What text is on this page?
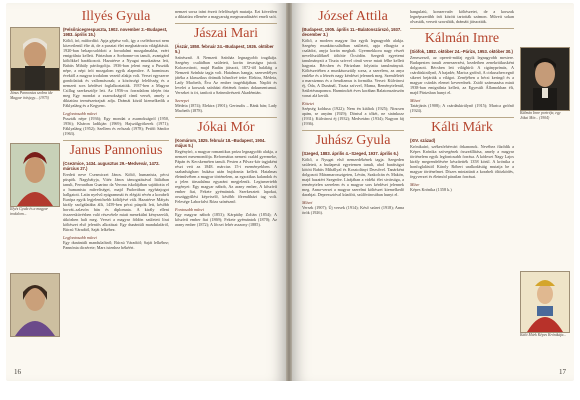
Jánus Pannonius szobra ide Magyar írásjegy... (1975)
Illyés Gyula és a magyar irodalom...
Illyés Gyula
(Felsőrácegrespuszta, 1902. november 2.–Budapest, 1983. április 15.)

Költő, író, műfordító. Apja gépész volt, így a cselédsorsot nem közvetlenül élte át, de a pusztai élet meghatározta világlátását. 1920-ban bekapcsolódott a forradalmi mozgalmakba, ezért emigrálnia kellett. Párizsban a Sorbonne-on tanult, avantgárd költőkkel barátkozott. Hazatérve a Nyugat munkatársa lett, Babits Mihály pártfogoltja. 1936-ban jelent meg a Puszták népe, a népi írói mozgalom egyik alapműve. A harmincas évektől a magyar irodalom vezető alakja volt. Versei egyszerre gondolatiak és vallomásosak; a közösségi felelősség és a nemzeti sors kérdései foglalkoztatták. 1937-ben a Magyar Csillag szerkesztője lett. Az 1956-os forradalom idején írta meg Egy mondat a zsarnokságról című versét, amely a diktatúra természetrajzát adja. Drámái közül kiemelkedik a Fáklyaláng és a Kegyenc.

Legfontosabb művei

Puszták népe (1936); Egy mondat a zsarnokságról (1950, 1956); Kháron ladikján (1969); Hajszálgyökerek (1971); Fáklyaláng (1952); Szellem és erőszak (1978); Petőfi Sándor (1963).

Janus Pannonius
(Csezmice, 1434. augusztus 29.–Medvevár, 1472. március 27.)

Eredeti neve Csezmiczei János. Költő, humanista, pécsi püspök. Nagybátyja, Vitéz János támogatásával Itáliában tanult, Ferrarában Guarino da Verona iskolájában sajátította el a humanista műveltséget, majd Padovában egyházjogot hallgatott. Latin nyelvű epigrammái és elégiái révén a korabeli Európa egyik legjelentősebb költőjévé vált. Hazatérve Mátyás király szolgálatába állt, 1459-ben pécsi püspök lett, később horvát–szlavón bán és diplomata. A király elleni összeesküvésben való részvétele miatt menekülni kényszerült, útközben halt meg. Versei a magyar földön született lírai költészet első jelentős alkotásai: Egy dunántúli mandulafáról, Búcsú Váradtól, Saját lelkéhez.

Legfontosabb művei

Egy dunántúli mandulafáról; Búcsú Váradtól; Saját lelkéhez; Pannónia dicsérete; Mars istenhez békéért.

nemzet sorsa iránt érzett felelősségét mutatja. Ezt követően a diktatúra ellenére a magyarság megmaradásáért emelt szót.

Jászai Mari
(Ászár, 1850. február 24.–Budapest, 1926. október 5.)

Színésznő. A Nemzeti Színház legnagyobb tragikája. Szegény családban született, korán árvaságra jutott. Kolozsvárott, majd Budán játszott, 1872-től haláláig a Nemzeti Színház tagja volt. Hatalmas hangja, szenvedélyes játéka a klasszikus drámák hősnőivé tette: Elektra, Médeia, Lady Macbeth, Éva Az ember tragédiájában. Naplói és levelei a korszak színházi életének fontos dokumentumai. Verseket is írt, tanított a Színművészeti Akadémián.

Szerepei

Médeia (1874); Elektra (1901); Gertrudis – Bánk bán; Lady Macbeth (1878).

Jókai Mór
(Komárom, 1825. február 18.–Budapest, 1904. május 5.)

Regényíró, a magyar romantikus próza legnagyobb alakja, a nemzet mesemondója. Református nemesi család gyermeke, Pápán és Kecskeméten tanult. Pesten a Pilvax-kör tagjaként részt vett az 1848. március 15-i eseményekben. A szabadságharc bukása után bujdosnia kellett. Hatalmas életművében a magyar történelem, az egzotikus kalandok és a jelen társadalma egyaránt megjelenik. Legismertebb regényei: Egy magyar nábob, Az arany ember, A kőszívű ember fiai, Fekete gyémántok. Szerkesztett lapokat, országgyűlési képviselő, később főrendiházi tag volt. Felesége Laborfalvi Róza színésznő.

Fontosabb művei

Egy magyar nábob (1853); Kárpáthy Zoltán (1854); A kőszívű ember fiai (1869); Fekete gyémántok (1870); Az arany ember (1872); A lőcsei fehér asszony (1885).

16
József Attila
(Budapest, 1905. április 11.–Balatonszárszó, 1937. december 3.)

Költő, a modern magyar líra egyik legnagyobb alakja. Szegény munkáscsaládban született, apja elhagyta a családot, anyja korán meghalt. Gyermekkora nagy részét nevelőszülőknél töltötte Öcsödön. Szegedi egyetemi tanulmányait a Tiszta szívvel című verse miatt félbe kellett hagynia. Bécsben és Párizsban folytatta tanulmányait. Költészetében a munkásosztály sorsa, a szerelem, az anya emléke és a létezés nagy kérdései jelennek meg. Szemléletét a marxizmus és a freudizmus is formálta. Versei: Külvárosi éj, Óda, A Dunánál, Tiszta szívvel, Mama, Reménytelenül, Születésnapomra. Harminckét éves korában Balatonszárszón vonat alá került.

Kötetei

Szépség koldusa (1922); Nem én kiáltok (1925); Nincsen apám, se anyám (1929); Döntsd a tőkét, ne siránkozz (1931); Külvárosi éj (1932); Medvetánc (1934); Nagyon fáj (1936).

Juhász Gyula
(Szeged, 1883. április 4.–Szeged, 1937. április 6.)

Költő, a Nyugat első nemzedékének tagja. Szegeden született, a budapesti egyetemen tanult, ahol barátságot kötött Babits Mihállyal és Kosztolányi Dezsővel. Tanárként dolgozott Máramarosszigeten, Léván, Szakolcán és Makón, majd hazatért Szegedre. Lírájában a vidéki élet sivársága, a reménytelen szerelem és a magyar sors kérdései jelennek meg. Anna-versei a magyar szerelmi költészet kiemelkedő darabjai. Depresszióval küzdött, szülővárosában hunyt el.

Művei

Versek (1907); Új versek (1914); Késő szüret (1918); Anna örök (1926).

hangulatú, konzervatív költészetet, de a korszak legnépszerűbb írói között tartották számon. Műveit sokan olvasták, verseit szavalták, drámáit játszották.

Kálmán Imre
(Siófok, 1882. október 24.–Párizs, 1953. október 30.)

Zeneszerző, az operett-műfaj egyik legnagyobb mestere. Budapesten tanult zeneszerzést, kezdetben zenekritikusként dolgozott. Bécsben lett világhírű: A cigányprímás, A csárdáskirálynő, A bajadér, Marica grófnő, A cirkuszhercegnő sikerei bejárták a világot. Zenéjében a bécsi keringő és a magyar csárdás elemei keverednek. Zsidó származása miatt 1938-ban emigrálnia kellett, az Egyesült Államokban élt, majd Párizsban hunyt el.

Művei

Tatárjárás (1908); A csárdáskirálynő (1915); Marica grófnő (1924).

Kálti Márk
(XIV. század)

Krónikaíró, székesfehérvári őrkanonok. Nevéhez fűződik a Képes Krónika szövegének összeállítása, amely a magyar történelem egyik legfontosabb forrása. A kódexet Nagy Lajos király megrendelésére készítették 1358 körül. A krónika a honfoglalástól Károly Róbert uralkodásáig mutatja be a magyar történelmet. Díszes miniatúrái a korabeli öltözködés, fegyverzet és életmód páratlan forrásai.

Műve

Képes Krónika (1358 k.)

Kálmán Imre portréja, egy Jókai Mór... (1904)
Kálti Márk Képes Krónikája...
17
